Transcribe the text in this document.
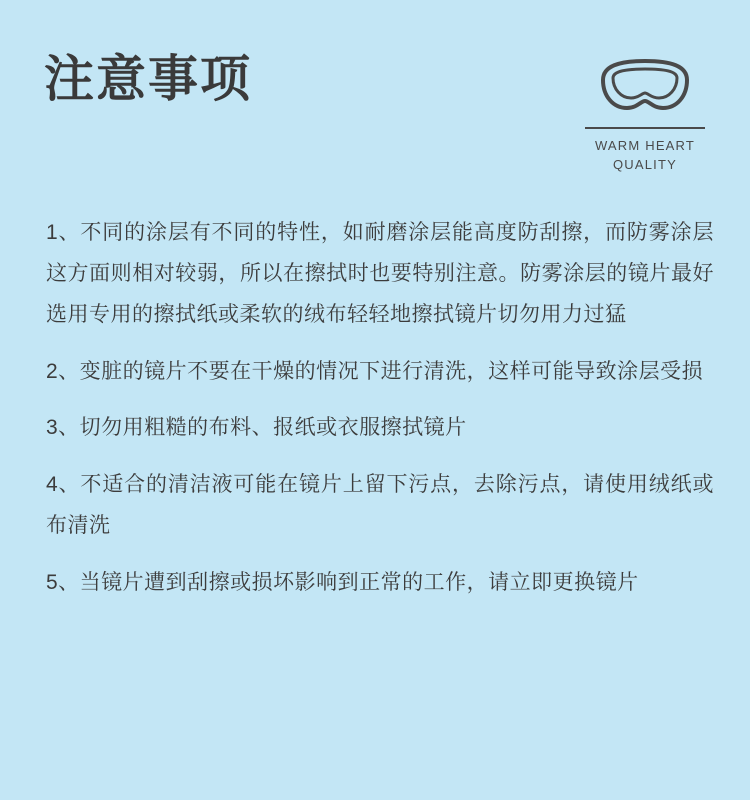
注意事项
WARM HEART
QUALITY

1、不同的涂层有不同的特性，如耐磨涂层能高度防刮擦，而防雾涂层这方面则相对较弱，所以在擦拭时也要特别注意。防雾涂层的镜片最好选用专用的擦拭纸或柔软的绒布轻轻地擦拭镜片切勿用力过猛

2、变脏的镜片不要在干燥的情况下进行清洗，这样可能导致涂层受损

3、切勿用粗糙的布料、报纸或衣服擦拭镜片

4、不适合的清洁液可能在镜片上留下污点，去除污点，请使用绒纸或布清洗

5、当镜片遭到刮擦或损坏影响到正常的工作，请立即更换镜片
